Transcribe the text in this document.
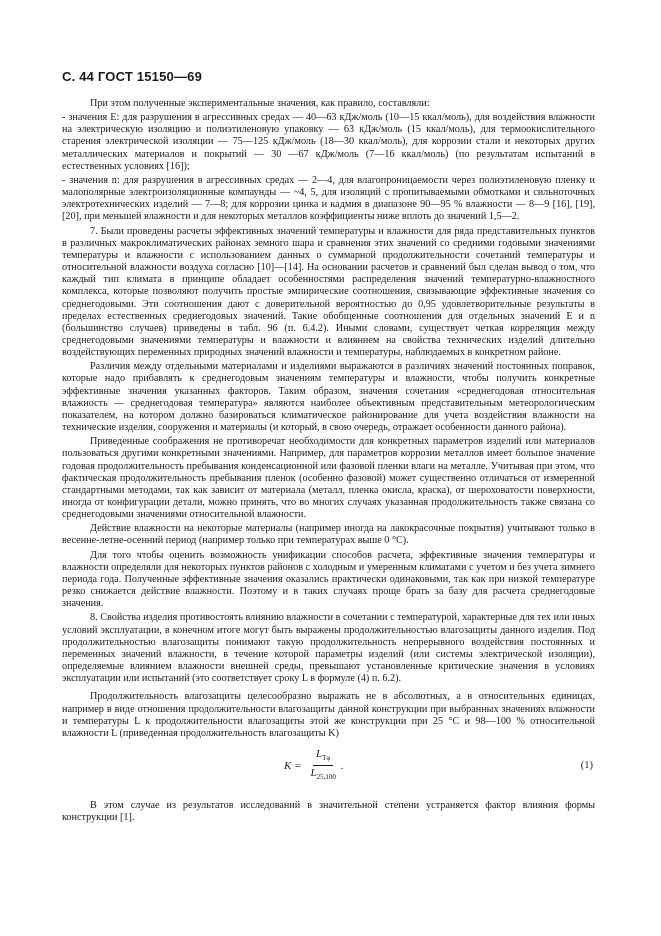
С. 44 ГОСТ 15150—69

При этом полученные экспериментальные значения, как правило, составляли:

- значения E: для разрушения в агрессивных средах — 40—63 кДж/моль (10—15 ккал/моль), для воздействия влажности на электрическую изоляцию и полиэтиленовую упаковку — 63 кДж/моль (15 ккал/моль), для термоокислительного старения электрической изоляции — 75—125 кДж/моль (18—30 ккал/моль), для коррозии стали и некоторых других металлических материалов и покрытий — 30 —67 кДж/моль (7—16 ккал/моль) (по результатам испытаний в естественных условиях [16]);

- значения n: для разрушения в агрессивных средах — 2—4, для влагопроницаемости через полиэтиленовую пленку и малополярные электроизоляционные компаунды — ~4, 5, для изоляций с пропитываемыми обмотками и сильноточных электротехнических изделий — 7—8; для коррозии цинка и кадмия в диапазоне 90—95 % влажности — 8—9 [16], [19], [20], при меньшей влажности и для некоторых металлов коэффициенты ниже вплоть до значений 1,5—2.

7. Были проведены расчеты эффективных значений температуры и влажности для ряда представительных пунктов в различных макроклиматических районах земного шара и сравнения этих значений со средними годовыми значениями температуры и влажности с использованием данных о суммарной продолжительности сочетаний температуры и относительной влажности воздуха согласно [10]—[14]. На основании расчетов и сравнений был сделан вывод о том, что каждый тип климата в принципе обладает особенностями распределения значений температурно-влажностного комплекса, которые позволяют получить простые эмпирические соотношения, связывающие эффективные значения со среднегодовыми. Эти соотношения дают с доверительной вероятностью до 0,95 удовлетворительные результаты в пределах естественных среднегодовых значений. Такие обобщенные соотношения для отдельных значений E и n (большинство случаев) приведены в табл. 96 (п. 6.4.2). Иными словами, существует четкая корреляция между среднегодовыми значениями температуры и влажности и влиянием на свойства технических изделий длительно воздействующих переменных природных значений влажности и температуры, наблюдаемых в конкретном районе.

Различия между отдельными материалами и изделиями выражаются в различиях значений постоянных поправок, которые надо прибавлять к среднегодовым значениям температуры и влажности, чтобы получить конкретные эффективные значения указанных факторов. Таким образом, значения сочетания «среднегодовая относительная влажность — среднегодовая температура» являются наиболее объективным представительным метеорологическим показателем, на котором должно базироваться климатическое районирование для учета воздействия влажности на технические изделия, сооружения и материалы (и который, в свою очередь, отражает особенности данного района).

Приведенные соображения не противоречат необходимости для конкретных параметров изделий или материалов пользоваться другими конкретными значениями. Например, для параметров коррозии металлов имеет большое значение годовая продолжительность пребывания конденсационной или фазовой пленки влаги на металле. Учитывая при этом, что фактическая продолжительность пребывания пленок (особенно фазовой) может существенно отличаться от измеренной стандартными методами, так как зависит от материала (металл, пленка окисла, краска), от шероховатости поверхности, иногда от конфигурации детали, можно принять, что во многих случаях указанная продолжительность также связана со среднегодовыми значениями относительной влажности.

Действие влажности на некоторые материалы (например иногда на лакокрасочные покрытия) учитывают только в весенне-летне-осенний период (например только при температурах выше 0 °С).

Для того чтобы оценить возможность унификации способов расчета, эффективные значения температуры и влажности определяли для некоторых пунктов районов с холодным и умеренным климатами с учетом и без учета зимнего периода года. Полученные эффективные значения оказались практически одинаковыми, так как при низкой температуре резко снижается действие влажности. Поэтому и в таких случаях проще брать за базу для расчета среднегодовые значения.

8. Свойства изделия противостоять влиянию влажности в сочетании с температурой, характерные для тех или иных условий эксплуатации, в конечном итоге могут быть выражены продолжительностью влагозащиты данного изделия. Под продолжительностью влагозащиты понимают такую продолжительность непрерывного воздействия постоянных и переменных значений влажности, в течение которой параметры изделий (или системы электрической изоляции), определяемые влиянием влажности внешней среды, превышают установленные критические значения в условиях эксплуатации или испытаний (это соответствует сроку L в формуле (4) п. 6.2).

Продолжительность влагозащиты целесообразно выражать не в абсолютных, а в относительных единицах, например в виде отношения продолжительности влагозащиты данной конструкции при выбранных значениях влажности и температуры L к продолжительности влагозащиты этой же конструкции при 25 °С и 98—100 % относительной влажности L (приведенная продолжительность влагозащиты K)

$K = \frac{L_{T\varphi}}{L_{25,100}}$ .	(1)

В этом случае из результатов исследований в значительной степени устраняется фактор влияния формы конструкции [1].
